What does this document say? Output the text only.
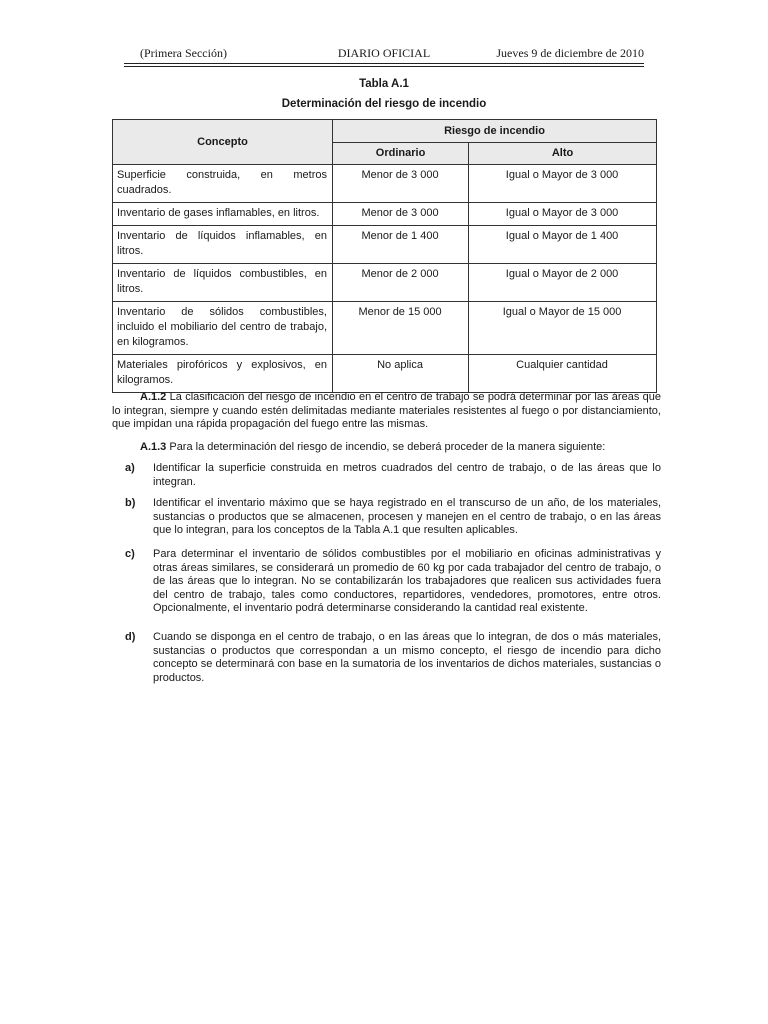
(Primera Sección)	DIARIO OFICIAL	Jueves 9 de diciembre de 2010
Tabla A.1
Determinación del riesgo de incendio
Concepto	Riesgo de incendio	
	Ordinario	Alto
Superficie construida, en metros cuadrados.	Menor de 3 000	Igual o Mayor de 3 000
Inventario de gases inflamables, en litros.	Menor de 3 000	Igual o Mayor de 3 000
Inventario de líquidos inflamables, en litros.	Menor de 1 400	Igual o Mayor de 1 400
Inventario de líquidos combustibles, en litros.	Menor de 2 000	Igual o Mayor de 2 000
Inventario de sólidos combustibles, incluido el mobiliario del centro de trabajo, en kilogramos.	Menor de 15 000	Igual o Mayor de 15 000
Materiales pirofóricos y explosivos, en kilogramos.	No aplica	Cualquier cantidad
A.1.2 La clasificación del riesgo de incendio en el centro de trabajo se podrá determinar por las áreas que lo integran, siempre y cuando estén delimitadas mediante materiales resistentes al fuego o por distanciamiento, que impidan una rápida propagación del fuego entre las mismas.
A.1.3 Para la determinación del riesgo de incendio, se deberá proceder de la manera siguiente:
a) Identificar la superficie construida en metros cuadrados del centro de trabajo, o de las áreas que lo integran.
b) Identificar el inventario máximo que se haya registrado en el transcurso de un año, de los materiales, sustancias o productos que se almacenen, procesen y manejen en el centro de trabajo, o en las áreas que lo integran, para los conceptos de la Tabla A.1 que resulten aplicables.
c) Para determinar el inventario de sólidos combustibles por el mobiliario en oficinas administrativas y otras áreas similares, se considerará un promedio de 60 kg por cada trabajador del centro de trabajo, o de las áreas que lo integran. No se contabilizarán los trabajadores que realicen sus actividades fuera del centro de trabajo, tales como conductores, repartidores, vendedores, promotores, entre otros. Opcionalmente, el inventario podrá determinarse considerando la cantidad real existente.
d) Cuando se disponga en el centro de trabajo, o en las áreas que lo integran, de dos o más materiales, sustancias o productos que correspondan a un mismo concepto, el riesgo de incendio para dicho concepto se determinará con base en la sumatoria de los inventarios de dichos materiales, sustancias o productos.
